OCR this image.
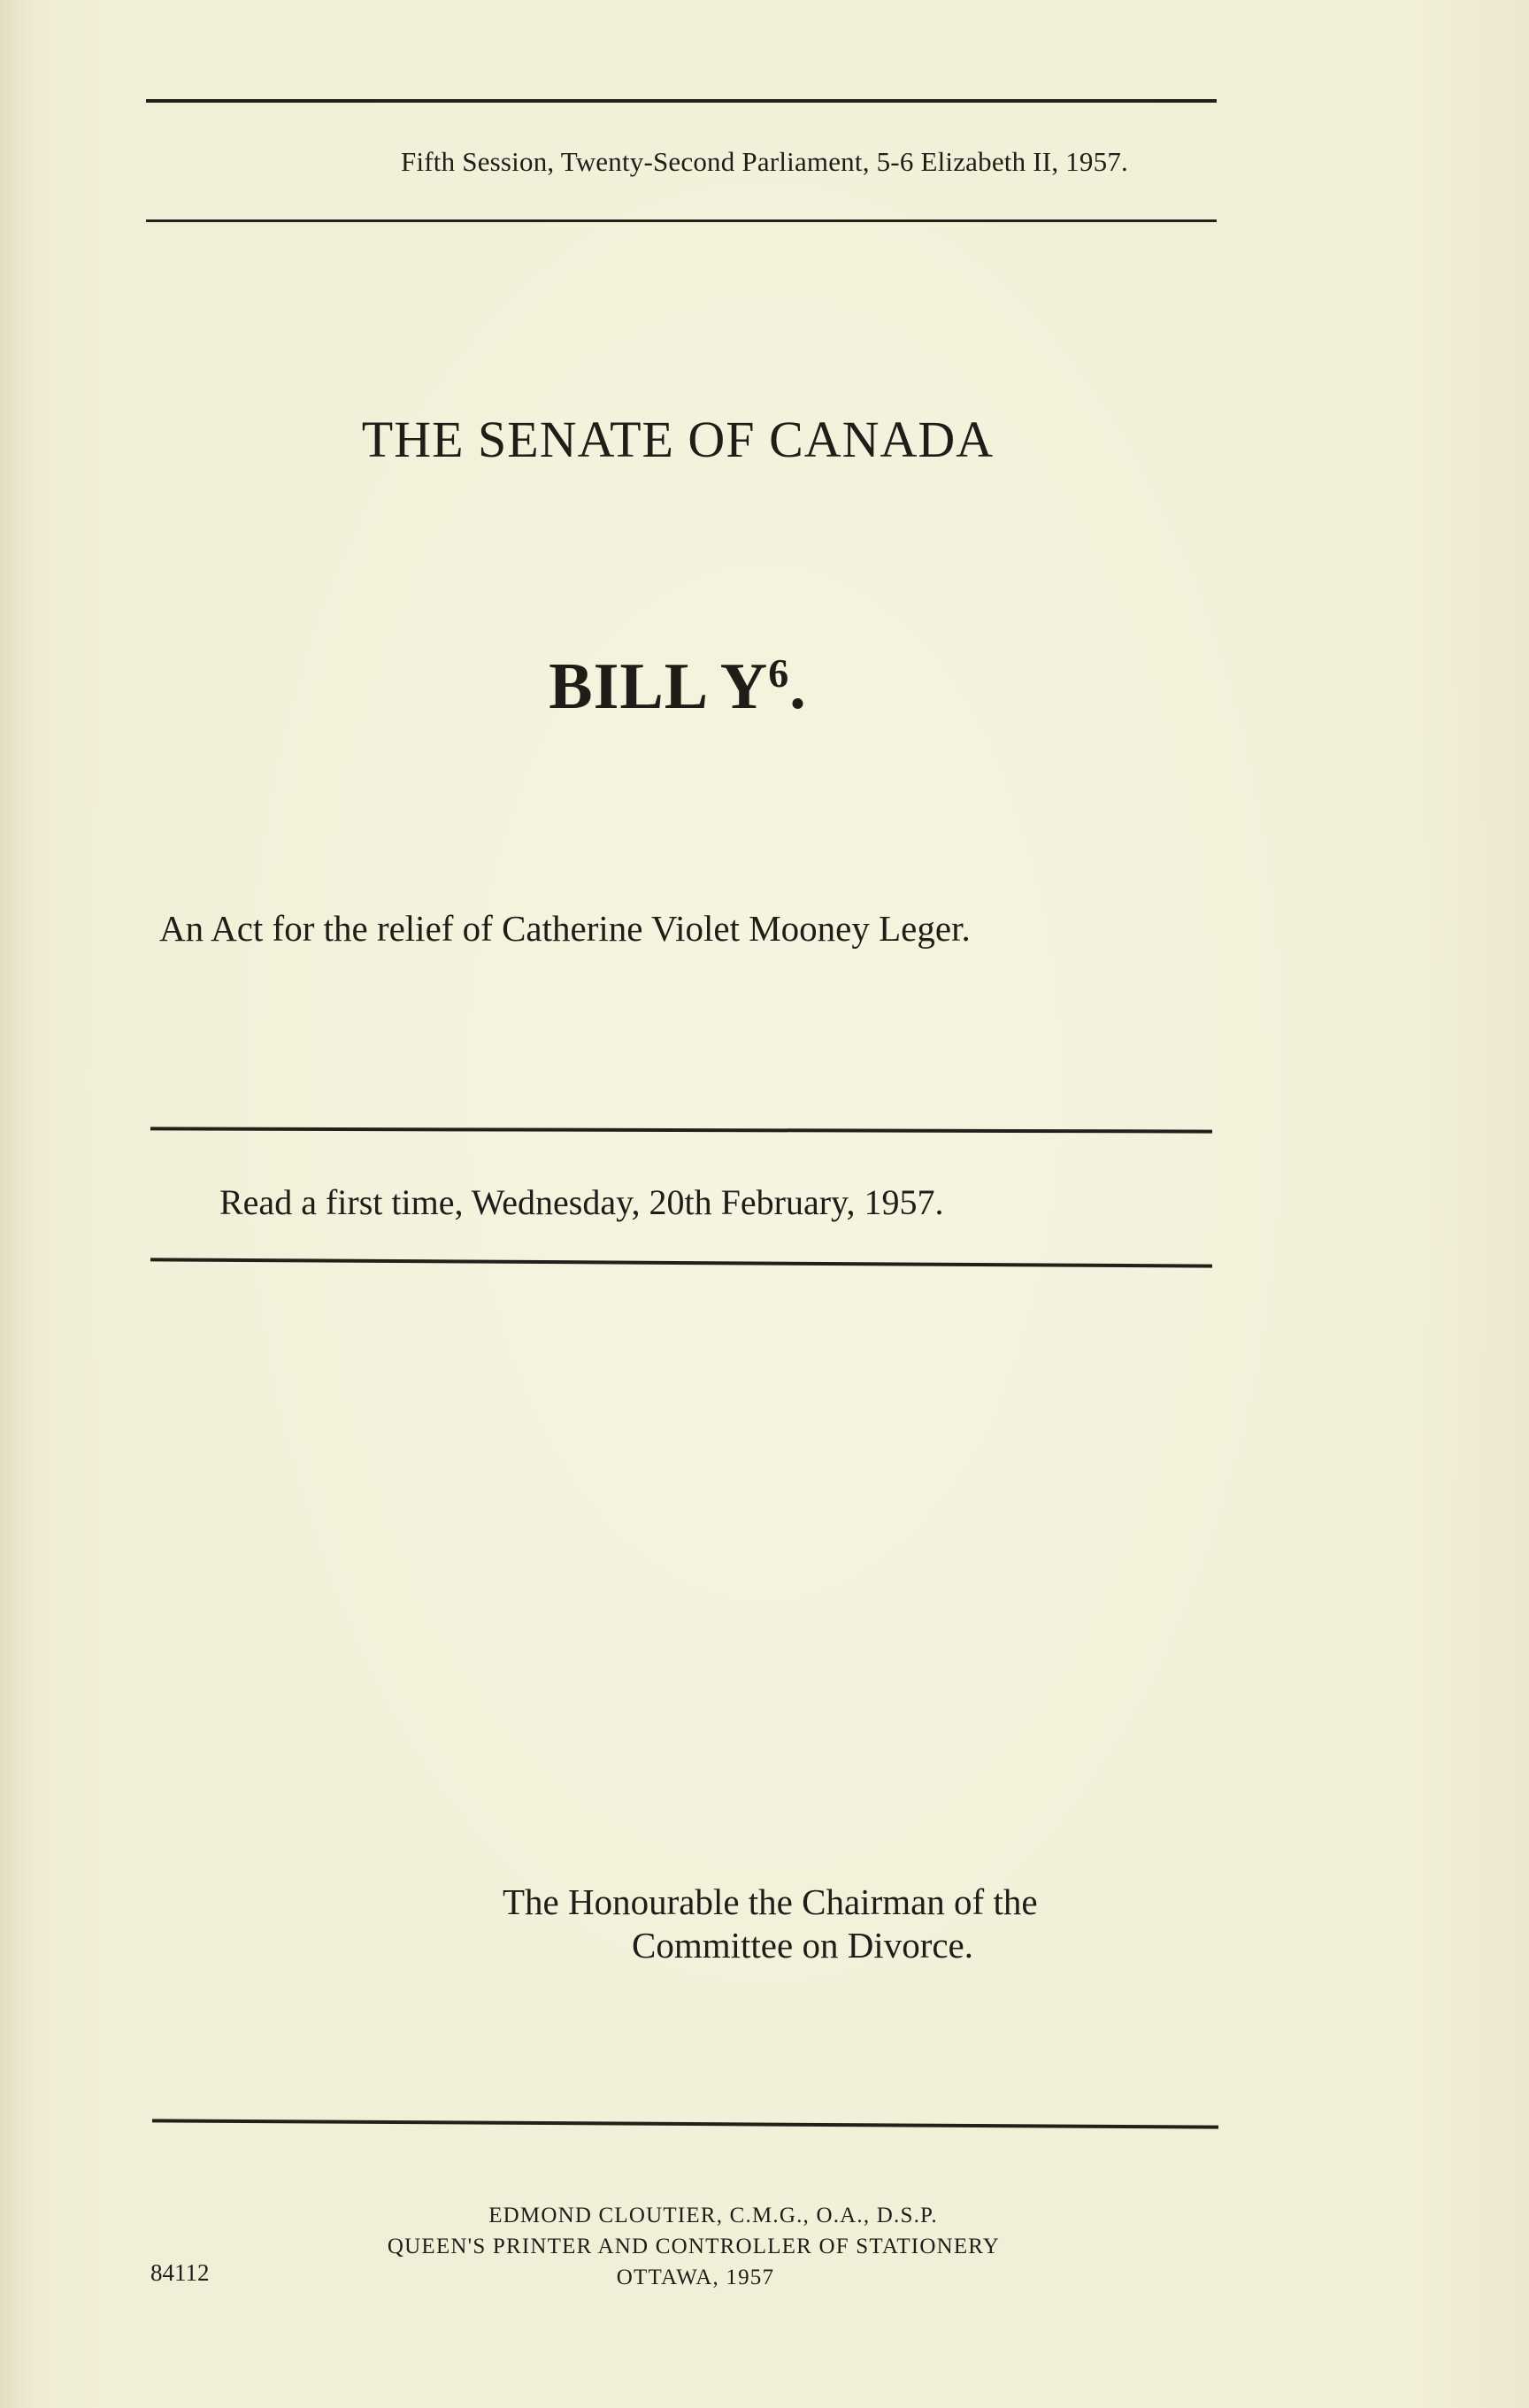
Fifth Session, Twenty-Second Parliament, 5-6 Elizabeth II, 1957.
THE SENATE OF CANADA
BILL $Y^6$.
An Act for the relief of Catherine Violet Mooney Leger.
Read a first time, Wednesday, 20th February, 1957.
The Honourable the Chairman of the
Committee on Divorce.
EDMOND CLOUTIER, C.M.G., O.A., D.S.P.
QUEEN'S PRINTER AND CONTROLLER OF STATIONERY
OTTAWA, 1957
84112
